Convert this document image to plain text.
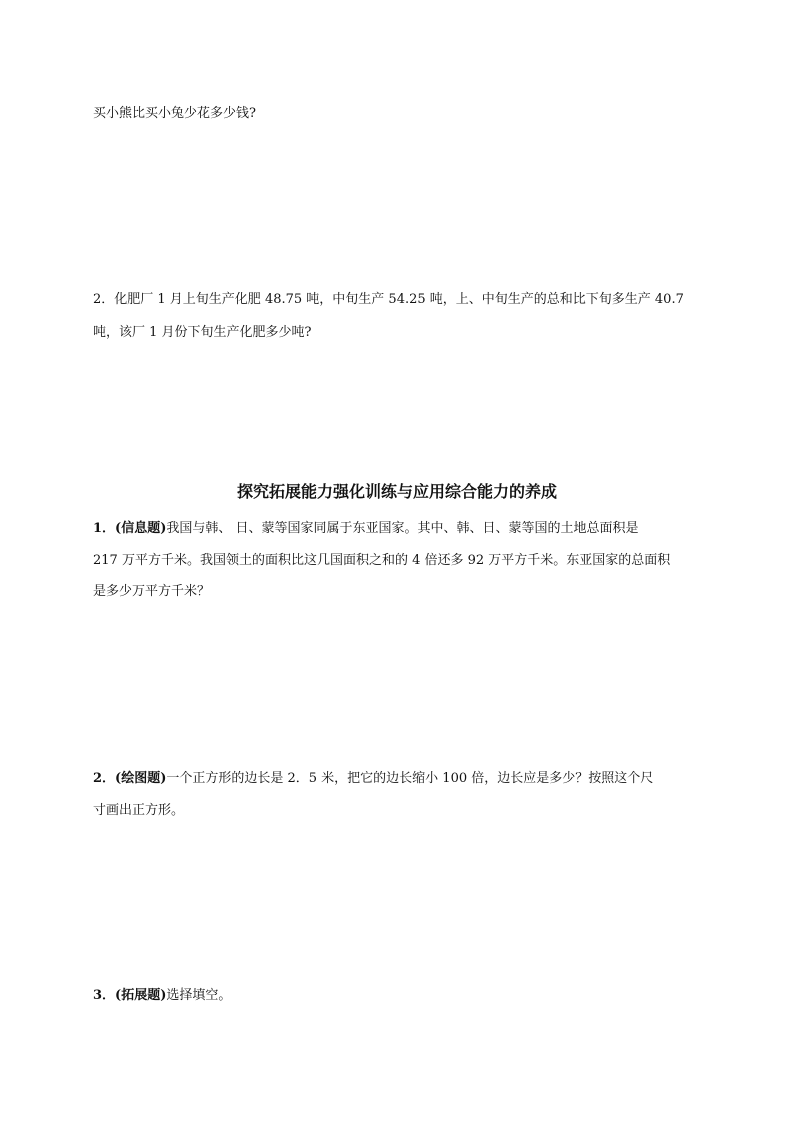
买小熊比买小兔少花多少钱?
2．化肥厂 1 月上旬生产化肥 48.75 吨，中旬生产 54.25 吨，上、中旬生产的总和比下旬多生产 40.7
吨，该厂 1 月份下旬生产化肥多少吨?
探究拓展能力强化训练与应用综合能力的养成
1．(信息题)我国与韩、 日、蒙等国家同属于东亚国家。其中、韩、日、蒙等国的土地总面积是
217 万平方千米。我国领土的面积比这几国面积之和的 4 倍还多 92 万平方千米。东亚国家的总面积
是多少万平方千米？
2．(绘图题)一个正方形的边长是 2．5 米，把它的边长缩小 100 倍，边长应是多少？按照这个尺
寸画出正方形。
3．(拓展题)选择填空。
